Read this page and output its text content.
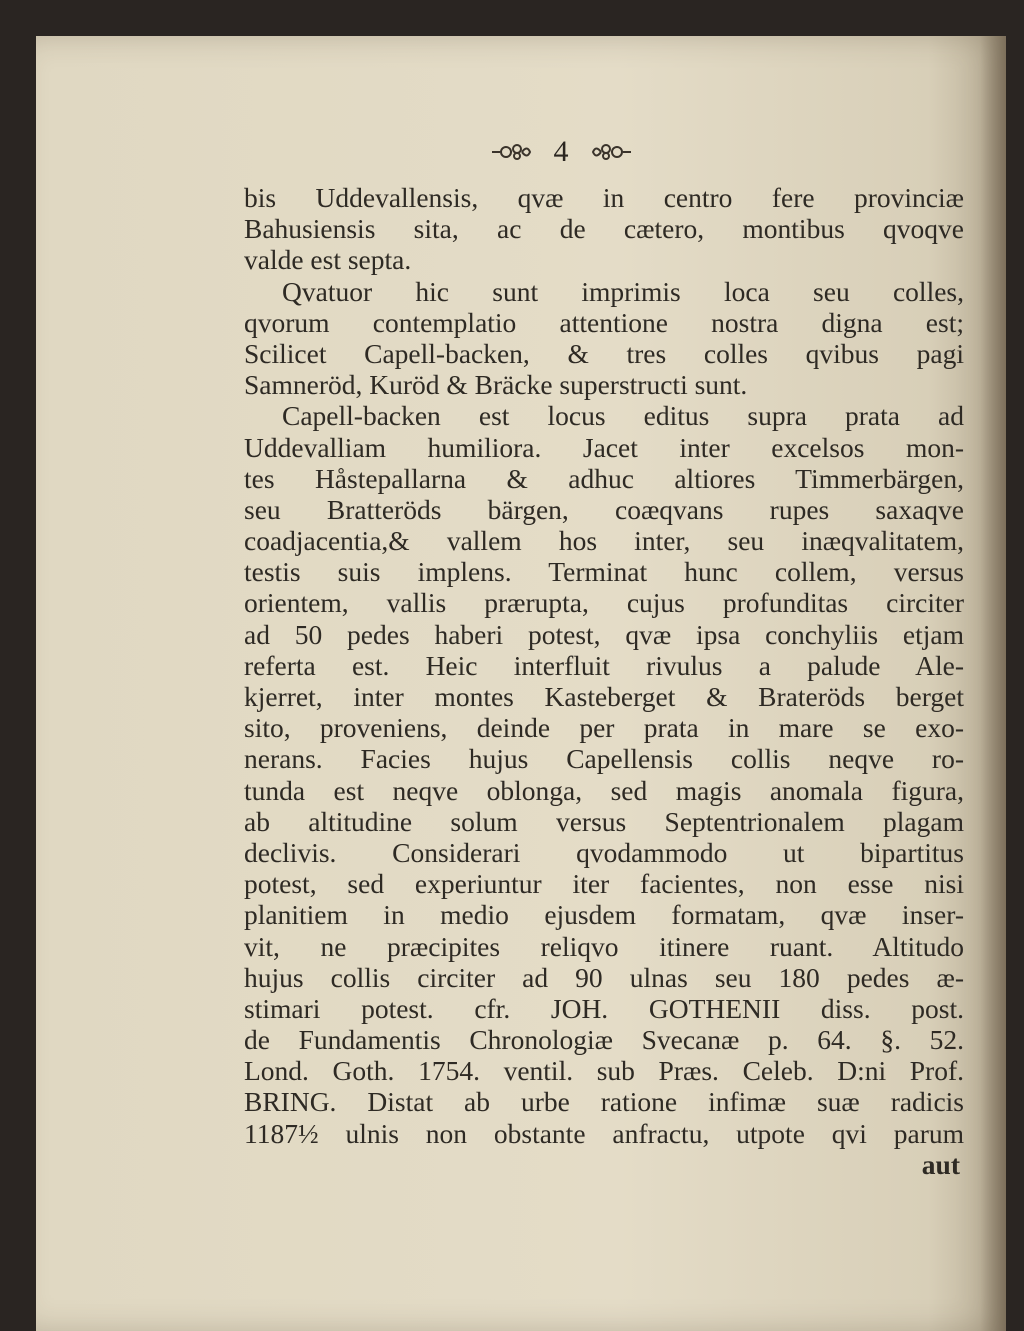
4
bis Uddevallensis, qvæ in centro fere provinciæ
Bahusiensis sita, ac de cætero, montibus qvoqve
valde est septa.
Qvatuor hic sunt imprimis loca seu colles,
qvorum contemplatio attentione nostra digna est;
Scilicet Capell-backen, & tres colles qvibus pagi
Samneröd, Kuröd & Bräcke superstructi sunt.
Capell-backen est locus editus supra prata ad
Uddevalliam humiliora. Jacet inter excelsos mon-
tes Håstepallarna & adhuc altiores Timmerbärgen,
seu Bratteröds bärgen, coæqvans rupes saxaqve
coadjacentia,& vallem hos inter, seu inæqvalitatem,
testis suis implens. Terminat hunc collem, versus
orientem, vallis prærupta, cujus profunditas circiter
ad 50 pedes haberi potest, qvæ ipsa conchyliis etjam
referta est. Heic interfluit rivulus a palude Ale-
kjerret, inter montes Kasteberget & Brateröds berget
sito, proveniens, deinde per prata in mare se exo-
nerans. Facies hujus Capellensis collis neqve ro-
tunda est neqve oblonga, sed magis anomala figura,
ab altitudine solum versus Septentrionalem plagam
declivis. Considerari qvodammodo ut bipartitus
potest, sed experiuntur iter facientes, non esse nisi
planitiem in medio ejusdem formatam, qvæ inser-
vit, ne præcipites reliqvo itinere ruant. Altitudo
hujus collis circiter ad 90 ulnas seu 180 pedes æ-
stimari potest. cfr. JOH. GOTHENII diss. post.
de Fundamentis Chronologiæ Svecanæ p. 64. §. 52.
Lond. Goth. 1754. ventil. sub Præs. Celeb. D:ni Prof.
BRING. Distat ab urbe ratione infimæ suæ radicis
1187½ ulnis non obstante anfractu, utpote qvi parum
aut
